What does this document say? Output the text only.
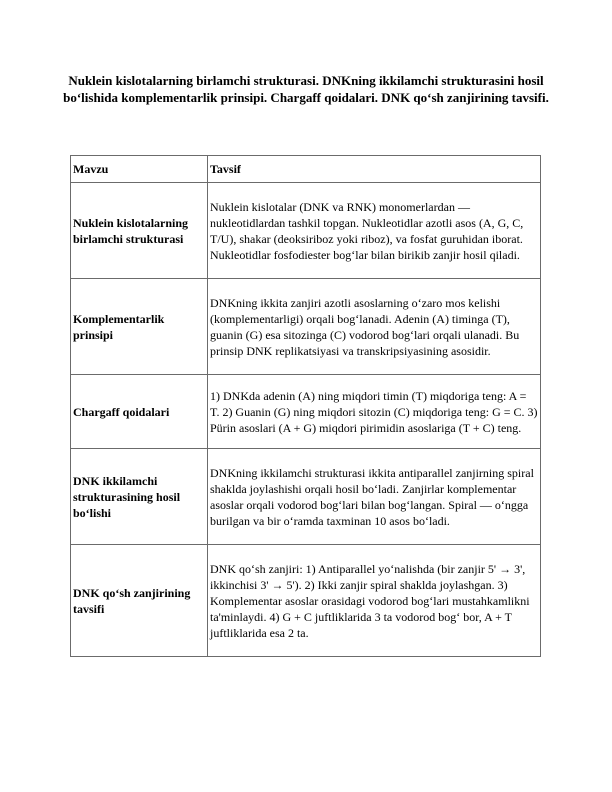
Nuklein kislotalarning birlamchi strukturasi. DNKning ikkilamchi strukturasini hosil bo‘lishida komplementarlik prinsipi. Chargaff qoidalari. DNK qo‘sh zanjirining tavsifi.
Mavzu	Tavsif
Nuklein kislotalarning birlamchi strukturasi	Nuklein kislotalar (DNK va RNK) monomerlardan — nukleotidlardan tashkil topgan. Nukleotidlar azotli asos (A, G, C, T/U), shakar (deoksiriboz yoki riboz), va fosfat guruhidan iborat. Nukleotidlar fosfodiester bog‘lar bilan birikib zanjir hosil qiladi.
Komplementarlik prinsipi	DNKning ikkita zanjiri azotli asoslarning o‘zaro mos kelishi (komplementarligi) orqali bog‘lanadi. Adenin (A) timinga (T), guanin (G) esa sitozinga (C) vodorod bog‘lari orqali ulanadi. Bu prinsip DNK replikatsiyasi va transkripsiyasining asosidir.
Chargaff qoidalari	1) DNKda adenin (A) ning miqdori timin (T) miqdoriga teng: A = T. 2) Guanin (G) ning miqdori sitozin (C) miqdoriga teng: G = C. 3) Pürin asoslari (A + G) miqdori pirimidin asoslariga (T + C) teng.
DNK ikkilamchi strukturasining hosil bo‘lishi	DNKning ikkilamchi strukturasi ikkita antiparallel zanjirning spiral shaklda joylashishi orqali hosil bo‘ladi. Zanjirlar komplementar asoslar orqali vodorod bog‘lari bilan bog‘langan. Spiral — o‘ngga burilgan va bir o‘ramda taxminan 10 asos bo‘ladi.
DNK qo‘sh zanjirining tavsifi	DNK qo‘sh zanjiri: 1) Antiparallel yo‘nalishda (bir zanjir 5' → 3', ikkinchisi 3' → 5'). 2) Ikki zanjir spiral shaklda joylashgan. 3) Komplementar asoslar orasidagi vodorod bog‘lari mustahkamlikni ta'minlaydi. 4) G + C juftliklarida 3 ta vodorod bog‘ bor, A + T juftliklarida esa 2 ta.
